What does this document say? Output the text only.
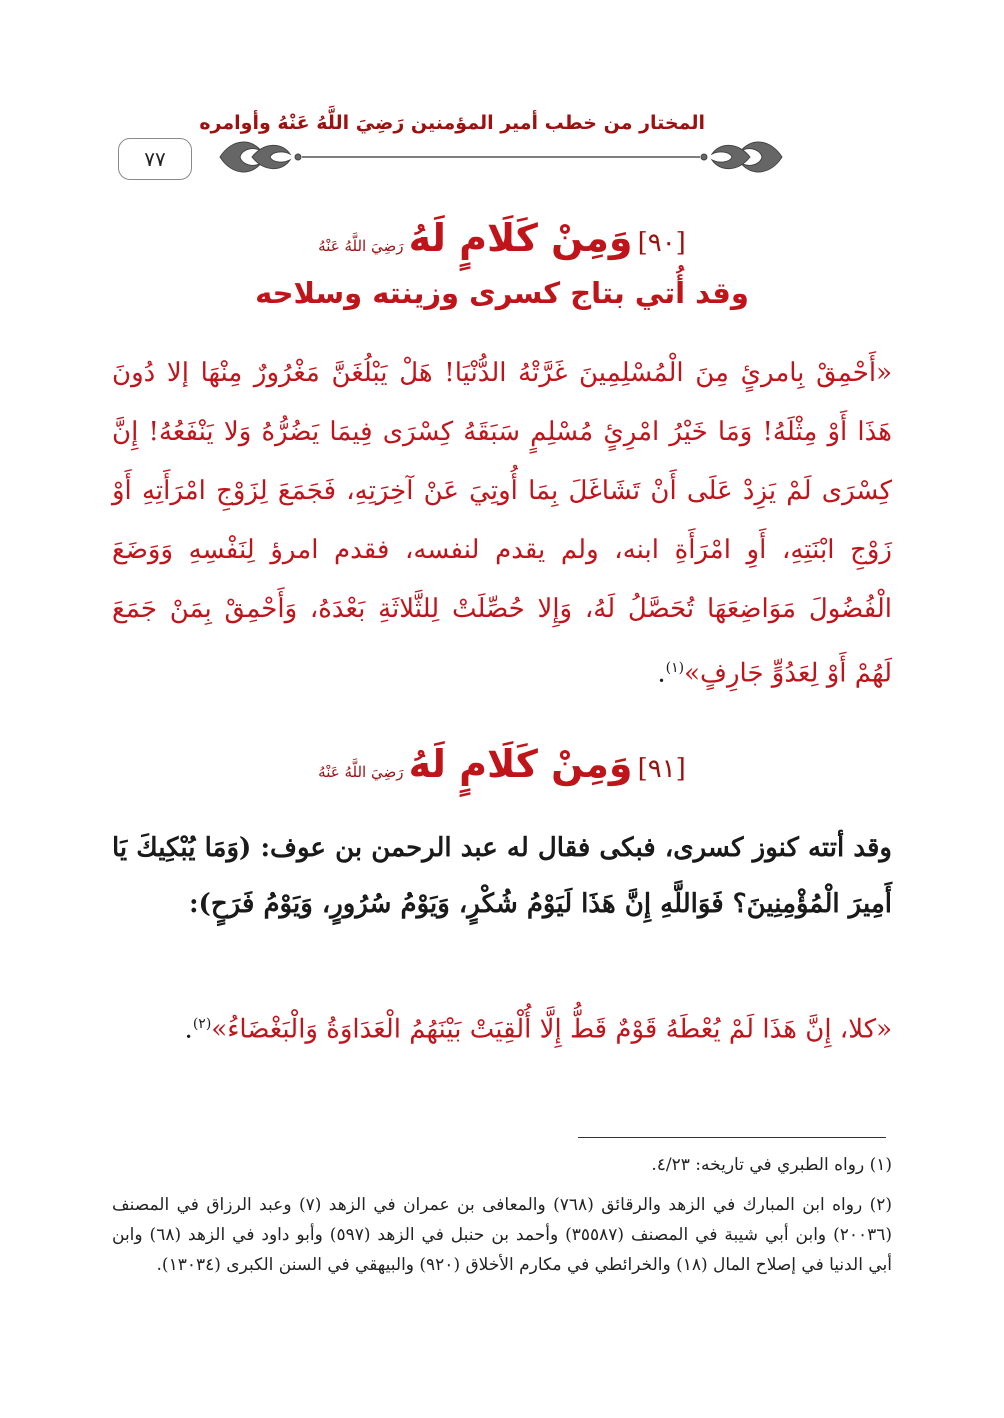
٧٧
المختار من خطب أمير المؤمنين رَضِيَ اللَّهُ عَنْهُ وأوامره
[٩٠] وَمِنْ كَلَامٍ لَهُ رَضِيَ اللَّهُ عَنْهُ
وقد أُتي بتاج كسرى وزينته وسلاحه
«أَحْمِقْ بِامرئٍ مِنَ الْمُسْلِمِينَ غَرَّتْهُ الدُّنْيَا! هَلْ يَبْلُغَنَّ مَغْرُورٌ مِنْهَا إلا دُونَ هَذَا أَوْ مِثْلَهُ! وَمَا خَيْرُ امْرِئٍ مُسْلِمٍ سَبَقَهُ كِسْرَى فِيمَا يَضُرُّهُ وَلا يَنْفَعُهُ! إِنَّ كِسْرَى لَمْ يَزِدْ عَلَى أَنْ تَشَاغَلَ بِمَا أُوتِيَ عَنْ آخِرَتِهِ، فَجَمَعَ لِزَوْجِ امْرَأَتِهِ أَوْ زَوْجِ ابْنَتِهِ، أَوِ امْرَأَةِ ابنه، ولم يقدم لنفسه، فقدم امرؤ لِنَفْسِهِ وَوَضَعَ الْفُضُولَ مَوَاضِعَهَا تُحَصَّلُ لَهُ، وَإِلا حُصِّلَتْ لِلثَّلاثَةِ بَعْدَهُ، وَأَحْمِقْ بِمَنْ جَمَعَ لَهُمْ أَوْ لِعَدُوٍّ جَارِفٍ»$^{(١)}$.
[٩١] وَمِنْ كَلَامٍ لَهُ رَضِيَ اللَّهُ عَنْهُ
وقد أتته كنوز كسرى، فبكى فقال له عبد الرحمن بن عوف: (وَمَا يُبْكِيكَ يَا أَمِيرَ الْمُؤْمِنِينَ؟ فَوَاللَّهِ إِنَّ هَذَا لَيَوْمُ شُكْرٍ، وَيَوْمُ سُرُورٍ، وَيَوْمُ فَرَحٍ):
«كلا، إِنَّ هَذَا لَمْ يُعْطَهُ قَوْمٌ قَطُّ إِلَّا أُلْقِيَتْ بَيْنَهُمُ الْعَدَاوَةُ وَالْبَغْضَاءُ»$^{(٢)}$.
(١) رواه الطبري في تاريخه: ٤/٢٣.
(٢) رواه ابن المبارك في الزهد والرقائق (٧٦٨) والمعافى بن عمران في الزهد (٧) وعبد الرزاق في المصنف (٢٠٠٣٦) وابن أبي شيبة في المصنف (٣٥٥٨٧) وأحمد بن حنبل في الزهد (٥٩٧) وأبو داود في الزهد (٦٨) وابن أبي الدنيا في إصلاح المال (١٨) والخرائطي في مكارم الأخلاق (٩٢٠) والبيهقي في السنن الكبرى (١٣٠٣٤).
